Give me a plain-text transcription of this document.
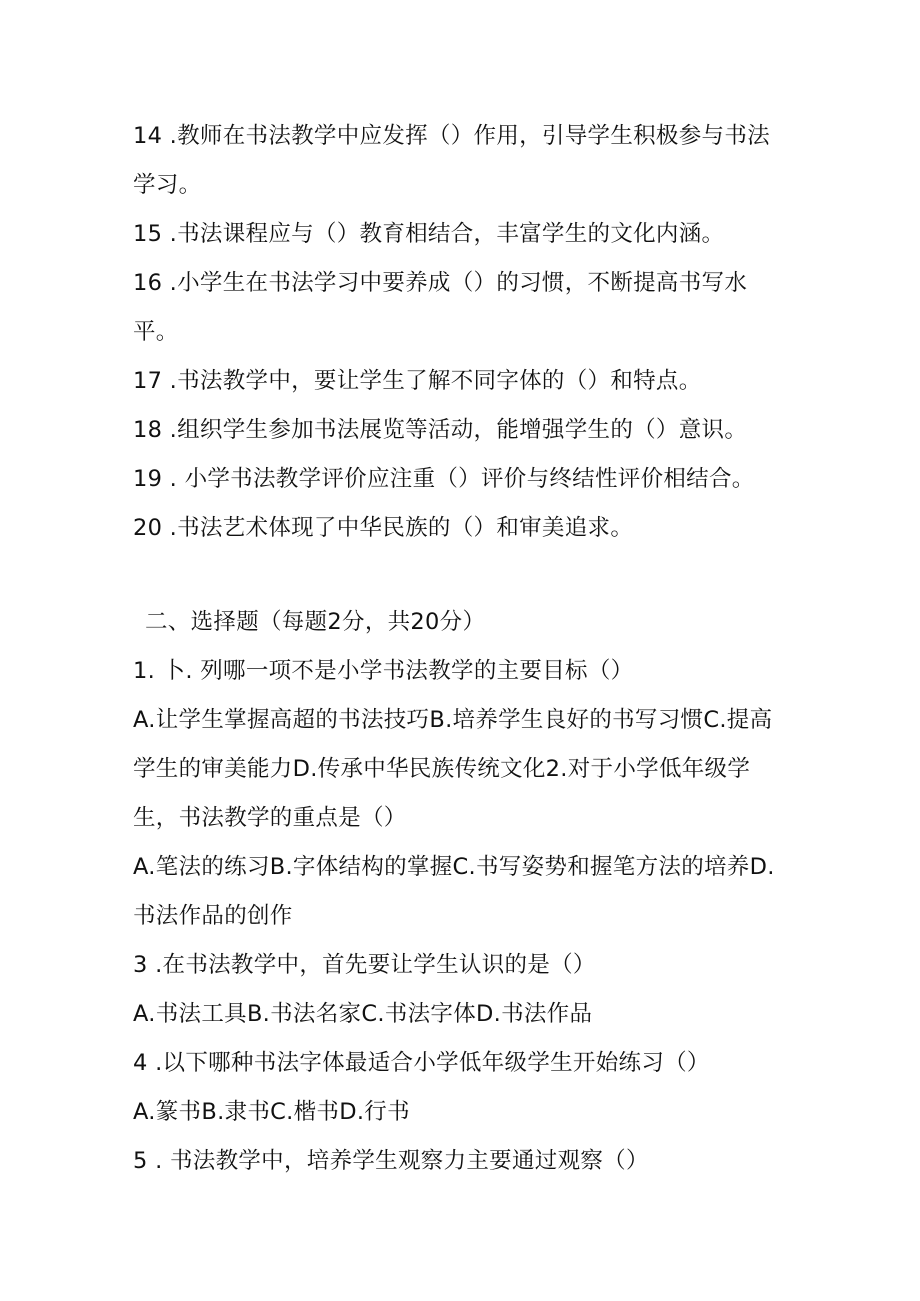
14 .教师在书法教学中应发挥（）作用，引导学生积极参与书法
学习。
15 .书法课程应与（）教育相结合，丰富学生的文化内涵。
16 .小学生在书法学习中要养成（）的习惯，不断提高书写水
平。
17 .书法教学中，要让学生了解不同字体的（）和特点。
18 .组织学生参加书法展览等活动，能增强学生的（）意识。
19 . 小学书法教学评价应注重（）评价与终结性评价相结合。
20 .书法艺术体现了中华民族的（）和审美追求。
二、选择题（每题2分，共20分）
1. 卜. 列哪一项不是小学书法教学的主要目标（）
A.让学生掌握高超的书法技巧B.培养学生良好的书写习惯C.提高
学生的审美能力D.传承中华民族传统文化2.对于小学低年级学
生，书法教学的重点是（）
A.笔法的练习B.字体结构的掌握C.书写姿势和握笔方法的培养D.
书法作品的创作
3 .在书法教学中，首先要让学生认识的是（）
A.书法工具B.书法名家C.书法字体D.书法作品
4 .以下哪种书法字体最适合小学低年级学生开始练习（）
A.篆书B.隶书C.楷书D.行书
5 . 书法教学中，培养学生观察力主要通过观察（）
